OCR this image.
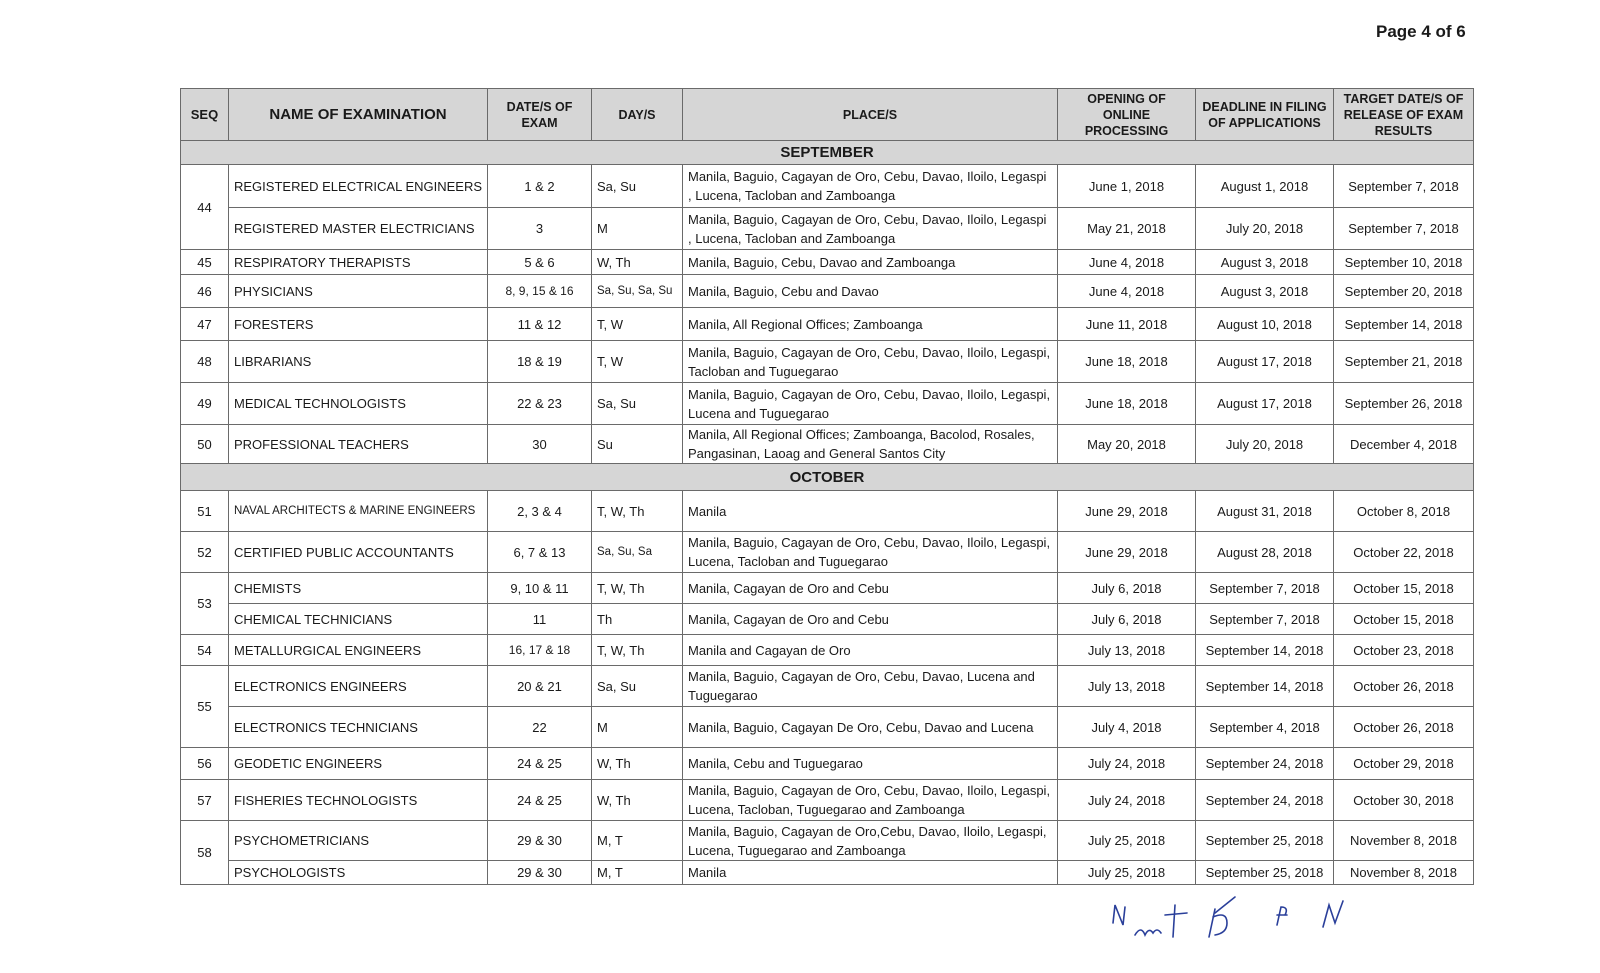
Page 4 of 6
SEQ	NAME OF EXAMINATION	DATE/S OF EXAM	DAY/S	PLACE/S	OPENING OF ONLINE PROCESSING	DEADLINE IN FILING OF APPLICATIONS	TARGET DATE/S OF RELEASE OF EXAM RESULTS
SEPTEMBER							
44	REGISTERED ELECTRICAL ENGINEERS	1 & 2	Sa, Su	Manila, Baguio, Cagayan de Oro, Cebu, Davao, Iloilo, Legaspi , Lucena, Tacloban and Zamboanga	June 1, 2018	August 1, 2018	September 7, 2018
	REGISTERED MASTER ELECTRICIANS	3	M	Manila, Baguio, Cagayan de Oro, Cebu, Davao, Iloilo, Legaspi , Lucena, Tacloban and Zamboanga	May 21, 2018	July 20, 2018	September 7, 2018
45	RESPIRATORY THERAPISTS	5 & 6	W, Th	Manila, Baguio, Cebu, Davao and Zamboanga	June 4, 2018	August 3, 2018	September 10, 2018
46	PHYSICIANS	8, 9, 15 & 16	Sa, Su, Sa, Su	Manila, Baguio, Cebu and Davao	June 4, 2018	August 3, 2018	September 20, 2018
47	FORESTERS	11 & 12	T, W	Manila, All Regional Offices; Zamboanga	June 11, 2018	August 10, 2018	September 14, 2018
48	LIBRARIANS	18 & 19	T, W	Manila, Baguio, Cagayan de Oro, Cebu, Davao, Iloilo, Legaspi, Tacloban and Tuguegarao	June 18, 2018	August 17, 2018	September 21, 2018
49	MEDICAL TECHNOLOGISTS	22 & 23	Sa, Su	Manila, Baguio, Cagayan de Oro, Cebu, Davao, Iloilo, Legaspi, Lucena and Tuguegarao	June 18, 2018	August 17, 2018	September 26, 2018
50	PROFESSIONAL TEACHERS	30	Su	Manila, All Regional Offices; Zamboanga, Bacolod, Rosales, Pangasinan, Laoag and General Santos City	May 20, 2018	July 20, 2018	December 4, 2018
OCTOBER							
51	NAVAL ARCHITECTS & MARINE ENGINEERS	2, 3 & 4	T, W, Th	Manila	June 29, 2018	August 31, 2018	October 8, 2018
52	CERTIFIED PUBLIC ACCOUNTANTS	6, 7 & 13	Sa, Su, Sa	Manila, Baguio, Cagayan de Oro, Cebu, Davao, Iloilo, Legaspi, Lucena, Tacloban and Tuguegarao	June 29, 2018	August 28, 2018	October 22, 2018
53	CHEMISTS	9, 10 & 11	T, W, Th	Manila, Cagayan de Oro and Cebu	July 6, 2018	September 7, 2018	October 15, 2018
	CHEMICAL TECHNICIANS	11	Th	Manila, Cagayan de Oro and Cebu	July 6, 2018	September 7, 2018	October 15, 2018
54	METALLURGICAL ENGINEERS	16, 17 & 18	T, W, Th	Manila and Cagayan de Oro	July 13, 2018	September 14, 2018	October 23, 2018
55	ELECTRONICS ENGINEERS	20 & 21	Sa, Su	Manila, Baguio, Cagayan de Oro, Cebu, Davao, Lucena and Tuguegarao	July 13, 2018	September 14, 2018	October 26, 2018
	ELECTRONICS TECHNICIANS	22	M	Manila, Baguio, Cagayan De Oro, Cebu, Davao and Lucena	July 4, 2018	September 4, 2018	October 26, 2018
56	GEODETIC ENGINEERS	24 & 25	W, Th	Manila, Cebu and Tuguegarao	July 24, 2018	September 24, 2018	October 29, 2018
57	FISHERIES TECHNOLOGISTS	24 & 25	W, Th	Manila, Baguio, Cagayan de Oro, Cebu, Davao, Iloilo, Legaspi, Lucena, Tacloban, Tuguegarao and Zamboanga	July 24, 2018	September 24, 2018	October 30, 2018
58	PSYCHOMETRICIANS	29 & 30	M, T	Manila, Baguio, Cagayan de Oro,Cebu, Davao, Iloilo, Legaspi, Lucena, Tuguegarao and Zamboanga	July 25, 2018	September 25, 2018	November 8, 2018
	PSYCHOLOGISTS	29 & 30	M, T	Manila	July 25, 2018	September 25, 2018	November 8, 2018
